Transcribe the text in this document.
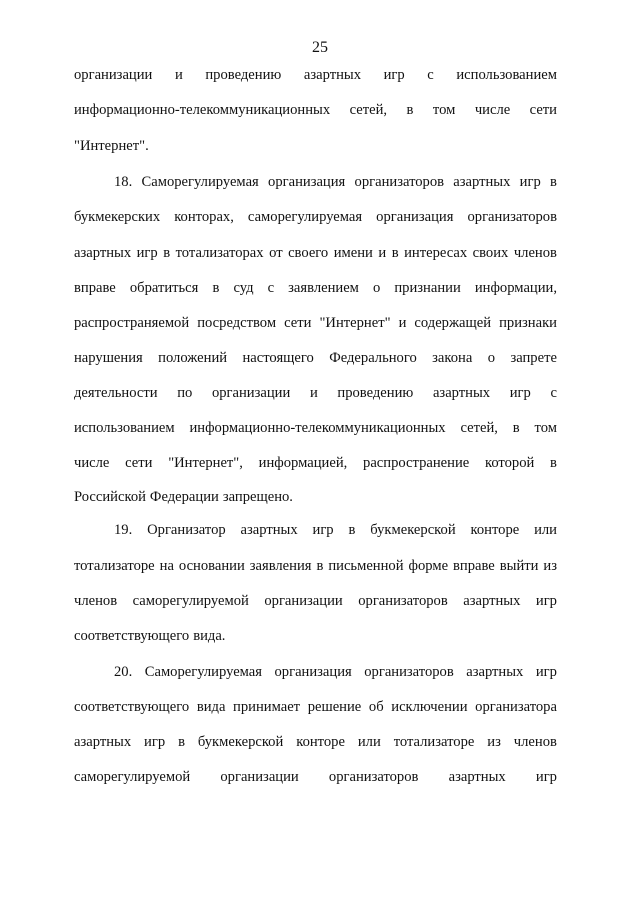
25
организации и проведению азартных игр с использованием
информационно-телекоммуникационных сетей, в том числе сети
"Интернет".
18. Саморегулируемая организация организаторов азартных игр в
букмекерских конторах, саморегулируемая организация организаторов
азартных игр в тотализаторах от своего имени и в интересах своих членов
вправе обратиться в суд с заявлением о признании информации,
распространяемой посредством сети "Интернет" и содержащей признаки
нарушения положений настоящего Федерального закона о запрете
деятельности по организации и проведению азартных игр с
использованием информационно-телекоммуникационных сетей, в том
числе сети "Интернет", информацией, распространение которой в
Российской Федерации запрещено.
19. Организатор азартных игр в букмекерской конторе или
тотализаторе на основании заявления в письменной форме вправе выйти из
членов саморегулируемой организации организаторов азартных игр
соответствующего вида.
20. Саморегулируемая организация организаторов азартных игр
соответствующего вида принимает решение об исключении организатора
азартных игр в букмекерской конторе или тотализаторе из членов
саморегулируемой организации организаторов азартных игр
